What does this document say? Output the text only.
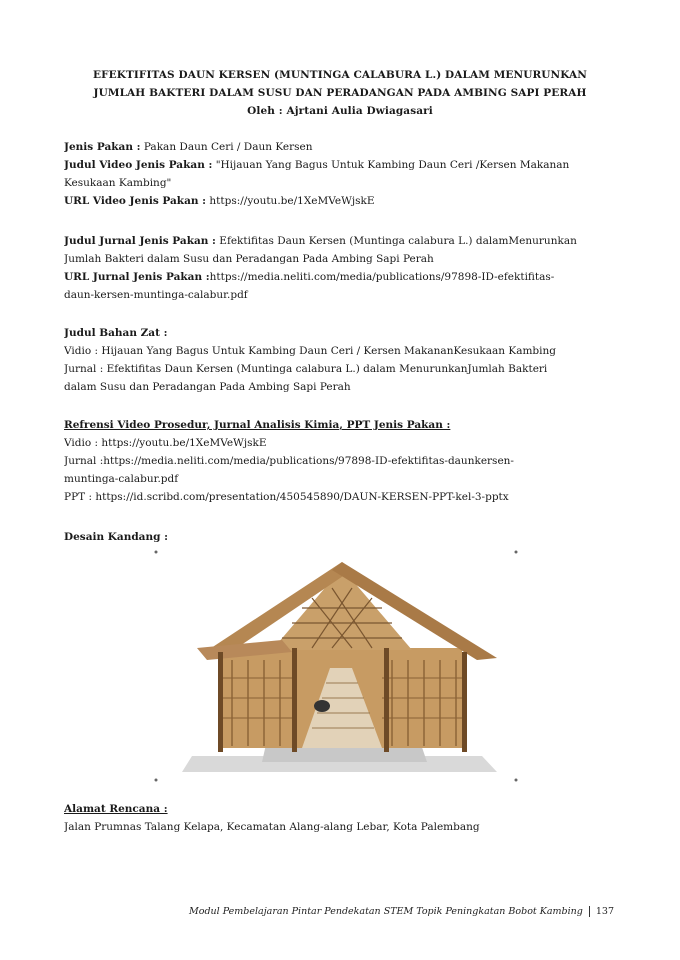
EFEKTIFITAS DAUN KERSEN (MUNTINGA CALABURA L.) DALAM MENURUNKAN
JUMLAH BAKTERI DALAM SUSU DAN PERADANGAN PADA AMBING SAPI PERAH
Oleh : Ajrtani Aulia Dwiagasari
Jenis Pakan : Pakan Daun Ceri / Daun Kersen
Judul Video Jenis Pakan : "Hijauan Yang Bagus Untuk Kambing Daun Ceri /Kersen Makanan
Kesukaan Kambing"
URL Video Jenis Pakan : https://youtu.be/1XeMVeWjskE
Judul Jurnal Jenis Pakan : Efektifitas Daun Kersen (Muntinga calabura L.) dalamMenurunkan
Jumlah Bakteri dalam Susu dan Peradangan Pada Ambing Sapi Perah
URL Jurnal Jenis Pakan :https://media.neliti.com/media/publications/97898-ID-efektifitas-
daun-kersen-muntinga-calabur.pdf
Judul Bahan Zat :
Vidio : Hijauan Yang Bagus Untuk Kambing Daun Ceri / Kersen MakananKesukaan Kambing
Jurnal : Efektifitas Daun Kersen (Muntinga calabura L.) dalam MenurunkanJumlah Bakteri
dalam Susu dan Peradangan Pada Ambing Sapi Perah
Refrensi Video Prosedur, Jurnal Analisis Kimia, PPT Jenis Pakan :
Vidio : https://youtu.be/1XeMVeWjskE
Jurnal :https://media.neliti.com/media/publications/97898-ID-efektifitas-daunkersen-
muntinga-calabur.pdf
PPT : https://id.scribd.com/presentation/450545890/DAUN-KERSEN-PPT-kel-3-pptx
Desain Kandang :
Alamat Rencana :
Jalan Prumnas Talang Kelapa, Kecamatan Alang-alang Lebar, Kota Palembang
Modul Pembelajaran Pintar Pendekatan STEM Topik Peningkatan Bobot Kambing 137
